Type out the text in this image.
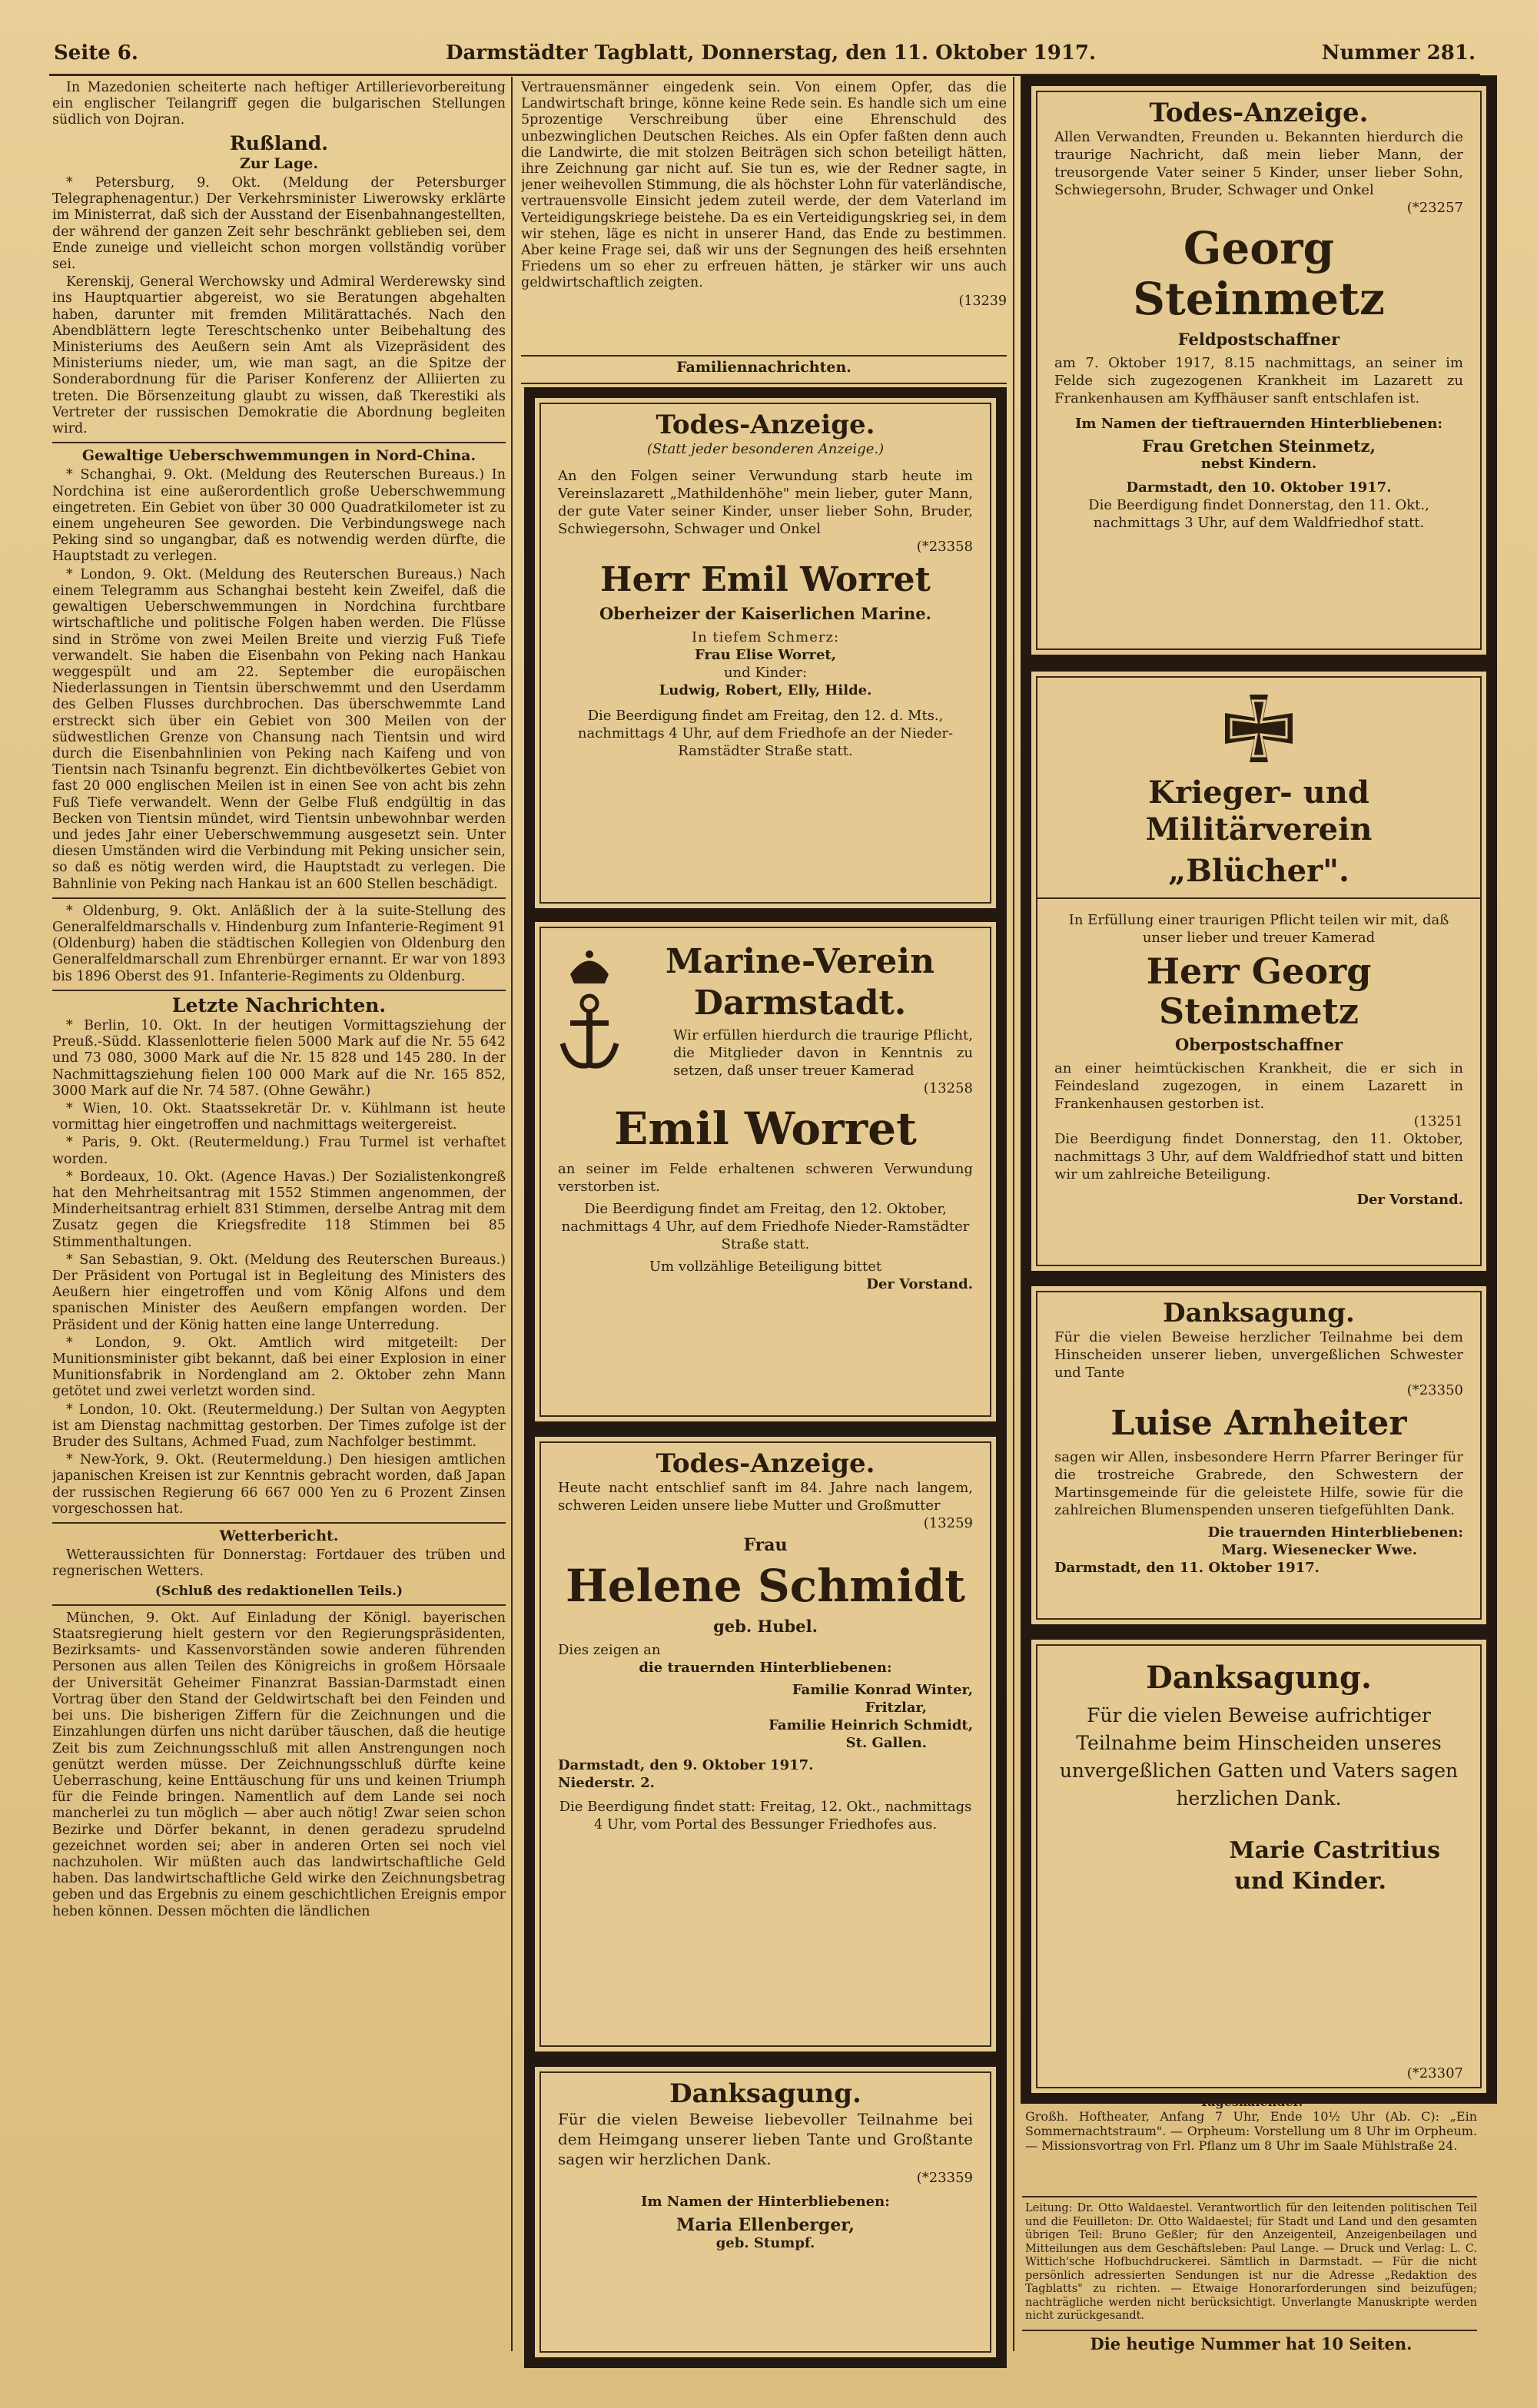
Seite 6.	Darmstädter Tagblatt, Donnerstag, den 11. Oktober 1917.	Nummer 281.

In Mazedonien scheiterte nach heftiger Artillerievorbereitung ein englischer Teilangriff gegen die bulgarischen Stellungen südlich von Dojran.

Rußland.
Zur Lage.

* Petersburg, 9. Okt. (Meldung der Petersburger Telegraphenagentur.) Der Verkehrsminister Liwerowsky erklärte im Ministerrat, daß sich der Ausstand der Eisenbahnangestellten, der während der ganzen Zeit sehr beschränkt geblieben sei, dem Ende zuneige und vielleicht schon morgen vollständig vorüber sei.

Kerenskij, General Werchowsky und Admiral Werderewsky sind ins Hauptquartier abgereist, wo sie Beratungen abgehalten haben, darunter mit fremden Militärattachés. Nach den Abendblättern legte Tereschtschenko unter Beibehaltung des Ministeriums des Aeußern sein Amt als Vizepräsident des Ministeriums nieder, um, wie man sagt, an die Spitze der Sonderabordnung für die Pariser Konferenz der Alliierten zu treten. Die Börsenzeitung glaubt zu wissen, daß Tkerestiki als Vertreter der russischen Demokratie die Abordnung begleiten wird.

Gewaltige Ueberschwemmungen in Nord-China.

* Schanghai, 9. Okt. (Meldung des Reuterschen Bureaus.) In Nordchina ist eine außerordentlich große Ueberschwemmung eingetreten. Ein Gebiet von über 30 000 Quadratkilometer ist zu einem ungeheuren See geworden. Die Verbindungswege nach Peking sind so ungangbar, daß es notwendig werden dürfte, die Hauptstadt zu verlegen.

* London, 9. Okt. (Meldung des Reuterschen Bureaus.) Nach einem Telegramm aus Schanghai besteht kein Zweifel, daß die gewaltigen Ueberschwemmungen in Nordchina furchtbare wirtschaftliche und politische Folgen haben werden. Die Flüsse sind in Ströme von zwei Meilen Breite und vierzig Fuß Tiefe verwandelt. Sie haben die Eisenbahn von Peking nach Hankau weggespült und am 22. September die europäischen Niederlassungen in Tientsin überschwemmt und den Userdamm des Gelben Flusses durchbrochen. Das überschwemmte Land erstreckt sich über ein Gebiet von 300 Meilen von der südwestlichen Grenze von Chansung nach Tientsin und wird durch die Eisenbahnlinien von Peking nach Kaifeng und von Tientsin nach Tsinanfu begrenzt. Ein dichtbevölkertes Gebiet von fast 20 000 englischen Meilen ist in einen See von acht bis zehn Fuß Tiefe verwandelt. Wenn der Gelbe Fluß endgültig in das Becken von Tientsin mündet, wird Tientsin unbewohnbar werden und jedes Jahr einer Ueberschwemmung ausgesetzt sein. Unter diesen Umständen wird die Verbindung mit Peking unsicher sein, so daß es nötig werden wird, die Hauptstadt zu verlegen. Die Bahnlinie von Peking nach Hankau ist an 600 Stellen beschädigt.

* Oldenburg, 9. Okt. Anläßlich der à la suite-Stellung des Generalfeldmarschalls v. Hindenburg zum Infanterie-Regiment 91 (Oldenburg) haben die städtischen Kollegien von Oldenburg den Generalfeldmarschall zum Ehrenbürger ernannt. Er war von 1893 bis 1896 Oberst des 91. Infanterie-Regiments zu Oldenburg.

Letzte Nachrichten.

* Berlin, 10. Okt. In der heutigen Vormittagsziehung der Preuß.-Südd. Klassenlotterie fielen 5000 Mark auf die Nr. 55 642 und 73 080, 3000 Mark auf die Nr. 15 828 und 145 280. In der Nachmittagsziehung fielen 100 000 Mark auf die Nr. 165 852, 3000 Mark auf die Nr. 74 587. (Ohne Gewähr.)

* Wien, 10. Okt. Staatssekretär Dr. v. Kühlmann ist heute vormittag hier eingetroffen und nachmittags weitergereist.

* Paris, 9. Okt. (Reutermeldung.) Frau Turmel ist verhaftet worden.

* Bordeaux, 10. Okt. (Agence Havas.) Der Sozialistenkongreß hat den Mehrheitsantrag mit 1552 Stimmen angenommen, der Minderheitsantrag erhielt 831 Stimmen, derselbe Antrag mit dem Zusatz gegen die Kriegsfredite 118 Stimmen bei 85 Stimmenthaltungen.

* San Sebastian, 9. Okt. (Meldung des Reuterschen Bureaus.) Der Präsident von Portugal ist in Begleitung des Ministers des Aeußern hier eingetroffen und vom König Alfons und dem spanischen Minister des Aeußern empfangen worden. Der Präsident und der König hatten eine lange Unterredung.

* London, 9. Okt. Amtlich wird mitgeteilt: Der Munitionsminister gibt bekannt, daß bei einer Explosion in einer Munitionsfabrik in Nordengland am 2. Oktober zehn Mann getötet und zwei verletzt worden sind.

* London, 10. Okt. (Reutermeldung.) Der Sultan von Aegypten ist am Dienstag nachmittag gestorben. Der Times zufolge ist der Bruder des Sultans, Achmed Fuad, zum Nachfolger bestimmt.

* New-York, 9. Okt. (Reutermeldung.) Den hiesigen amtlichen japanischen Kreisen ist zur Kenntnis gebracht worden, daß Japan der russischen Regierung 66 667 000 Yen zu 6 Prozent Zinsen vorgeschossen hat.

Wetterbericht.

Wetteraussichten für Donnerstag: Fortdauer des trüben und regnerischen Wetters.

(Schluß des redaktionellen Teils.)

München, 9. Okt. Auf Einladung der Königl. bayerischen Staatsregierung hielt gestern vor den Regierungspräsidenten, Bezirksamts- und Kassenvorständen sowie anderen führenden Personen aus allen Teilen des Königreichs in großem Hörsaale der Universität Geheimer Finanzrat Bassian-Darmstadt einen Vortrag über den Stand der Geldwirtschaft bei den Feinden und bei uns. Die bisherigen Ziffern für die Zeichnungen und die Einzahlungen dürfen uns nicht darüber täuschen, daß die heutige Zeit bis zum Zeichnungsschluß mit allen Anstrengungen noch genützt werden müsse. Der Zeichnungsschluß dürfte keine Ueberraschung, keine Enttäuschung für uns und keinen Triumph für die Feinde bringen. Namentlich auf dem Lande sei noch mancherlei zu tun möglich — aber auch nötig! Zwar seien schon Bezirke und Dörfer bekannt, in denen geradezu sprudelnd gezeichnet worden sei; aber in anderen Orten sei noch viel nachzuholen. Wir müßten auch das landwirtschaftliche Geld haben. Das landwirtschaftliche Geld wirke den Zeichnungsbetrag geben und das Ergebnis zu einem geschichtlichen Ereignis empor heben können. Dessen möchten die ländlichen

Vertrauensmänner eingedenk sein. Von einem Opfer, das die Landwirtschaft bringe, könne keine Rede sein. Es handle sich um eine 5prozentige Verschreibung über eine Ehrenschuld des unbezwinglichen Deutschen Reiches. Als ein Opfer faßten denn auch die Landwirte, die mit stolzen Beiträgen sich schon beteiligt hätten, ihre Zeichnung gar nicht auf. Sie tun es, wie der Redner sagte, in jener weihevollen Stimmung, die als höchster Lohn für vaterländische, vertrauensvolle Einsicht jedem zuteil werde, der dem Vaterland im Verteidigungskriege beistehe. Da es ein Verteidigungskrieg sei, in dem wir stehen, läge es nicht in unserer Hand, das Ende zu bestimmen. Aber keine Frage sei, daß wir uns der Segnungen des heiß ersehnten Friedens um so eher zu erfreuen hätten, je stärker wir uns auch geldwirtschaftlich zeigten.

(13239
Familiennachrichten.
Todes-Anzeige.
(Statt jeder besonderen Anzeige.)
An den Folgen seiner Verwundung starb heute im Vereinslazarett „Mathildenhöhe" mein lieber, guter Mann, der gute Vater seiner Kinder, unser lieber Sohn, Bruder, Schwiegersohn, Schwager und Onkel
(*23358
Herr Emil Worret
Oberheizer der Kaiserlichen Marine.
In tiefem Schmerz:
Frau Elise Worret,
und Kinder:
Ludwig, Robert, Elly, Hilde.
Die Beerdigung findet am Freitag, den 12. d. Mts., nachmittags 4 Uhr, auf dem Friedhofe an der Nieder-Ramstädter Straße statt.
Marine-Verein
Darmstadt.
Wir erfüllen hierdurch die traurige Pflicht, die Mitglieder davon in Kenntnis zu setzen, daß unser treuer Kamerad
(13258
Emil Worret
an seiner im Felde erhaltenen schweren Verwundung verstorben ist.
Die Beerdigung findet am Freitag, den 12. Oktober, nachmittags 4 Uhr, auf dem Friedhofe Nieder-Ramstädter Straße statt.
Um vollzählige Beteiligung bittet
Der Vorstand.
Todes-Anzeige.
Heute nacht entschlief sanft im 84. Jahre nach langem, schweren Leiden unsere liebe Mutter und Großmutter
(13259
Frau
Helene Schmidt
geb. Hubel.
Dies zeigen an
die trauernden Hinterbliebenen:
Familie Konrad Winter,
Fritzlar,
Familie Heinrich Schmidt,
St. Gallen.
Darmstadt, den 9. Oktober 1917.
Niederstr. 2.
Die Beerdigung findet statt: Freitag, 12. Okt., nachmittags 4 Uhr, vom Portal des Bessunger Friedhofes aus.
Danksagung.
Für die vielen Beweise liebevoller Teilnahme bei dem Heimgang unserer lieben Tante und Großtante sagen wir herzlichen Dank.
(*23359
Im Namen der Hinterbliebenen:
Maria Ellenberger,
geb. Stumpf.
Todes-Anzeige.
Allen Verwandten, Freunden u. Bekannten hierdurch die traurige Nachricht, daß mein lieber Mann, der treusorgende Vater seiner 5 Kinder, unser lieber Sohn, Schwiegersohn, Bruder, Schwager und Onkel
(*23257
Georg Steinmetz
Feldpostschaffner
am 7. Oktober 1917, 8.15 nachmittags, an seiner im Felde sich zugezogenen Krankheit im Lazarett zu Frankenhausen am Kyffhäuser sanft entschlafen ist.
Im Namen der tieftrauernden Hinterbliebenen:
Frau Gretchen Steinmetz,
nebst Kindern.
Darmstadt, den 10. Oktober 1917.
Die Beerdigung findet Donnerstag, den 11. Okt., nachmittags 3 Uhr, auf dem Waldfriedhof statt.
Krieger- und Militärverein
„Blücher".
In Erfüllung einer traurigen Pflicht teilen wir mit, daß unser lieber und treuer Kamerad
Herr Georg Steinmetz
Oberpostschaffner
an einer heimtückischen Krankheit, die er sich in Feindesland zugezogen, in einem Lazarett in Frankenhausen gestorben ist.
(13251
Die Beerdigung findet Donnerstag, den 11. Oktober, nachmittags 3 Uhr, auf dem Waldfriedhof statt und bitten wir um zahlreiche Beteiligung.
Der Vorstand.
Danksagung.
Für die vielen Beweise herzlicher Teilnahme bei dem Hinscheiden unserer lieben, unvergeßlichen Schwester und Tante
(*23350
Luise Arnheiter
sagen wir Allen, insbesondere Herrn Pfarrer Beringer für die trostreiche Grabrede, den Schwestern der Martinsgemeinde für die geleistete Hilfe, sowie für die zahlreichen Blumenspenden unseren tiefgefühlten Dank.
Die trauernden Hinterbliebenen:
Marg. Wiesenecker Wwe.
Darmstadt, den 11. Oktober 1917.
Danksagung.
Für die vielen Beweise aufrichtiger Teilnahme beim Hinscheiden unseres unvergeßlichen Gatten und Vaters sagen herzlichen Dank.
Marie Castritius
und Kinder.
(*23307
Tageskalender.
Großh. Hoftheater, Anfang 7 Uhr, Ende 10½ Uhr (Ab. C): „Ein Sommernachtstraum". — Orpheum: Vorstellung um 8 Uhr im Orpheum. — Missionsvortrag von Frl. Pflanz um 8 Uhr im Saale Mühlstraße 24.
Leitung: Dr. Otto Waldaestel. Verantwortlich für den leitenden politischen Teil und die Feuilleton: Dr. Otto Waldaestel; für Stadt und Land und den gesamten übrigen Teil: Bruno Geßler; für den Anzeigenteil, Anzeigenbeilagen und Mitteilungen aus dem Geschäftsleben: Paul Lange. — Druck und Verlag: L. C. Wittich'sche Hofbuchdruckerei. Sämtlich in Darmstadt. — Für die nicht persönlich adressierten Sendungen ist nur die Adresse „Redaktion des Tagblatts" zu richten. — Etwaige Honorarforderungen sind beizufügen; nachträgliche werden nicht berücksichtigt. Unverlangte Manuskripte werden nicht zurückgesandt.
Die heutige Nummer hat 10 Seiten.
